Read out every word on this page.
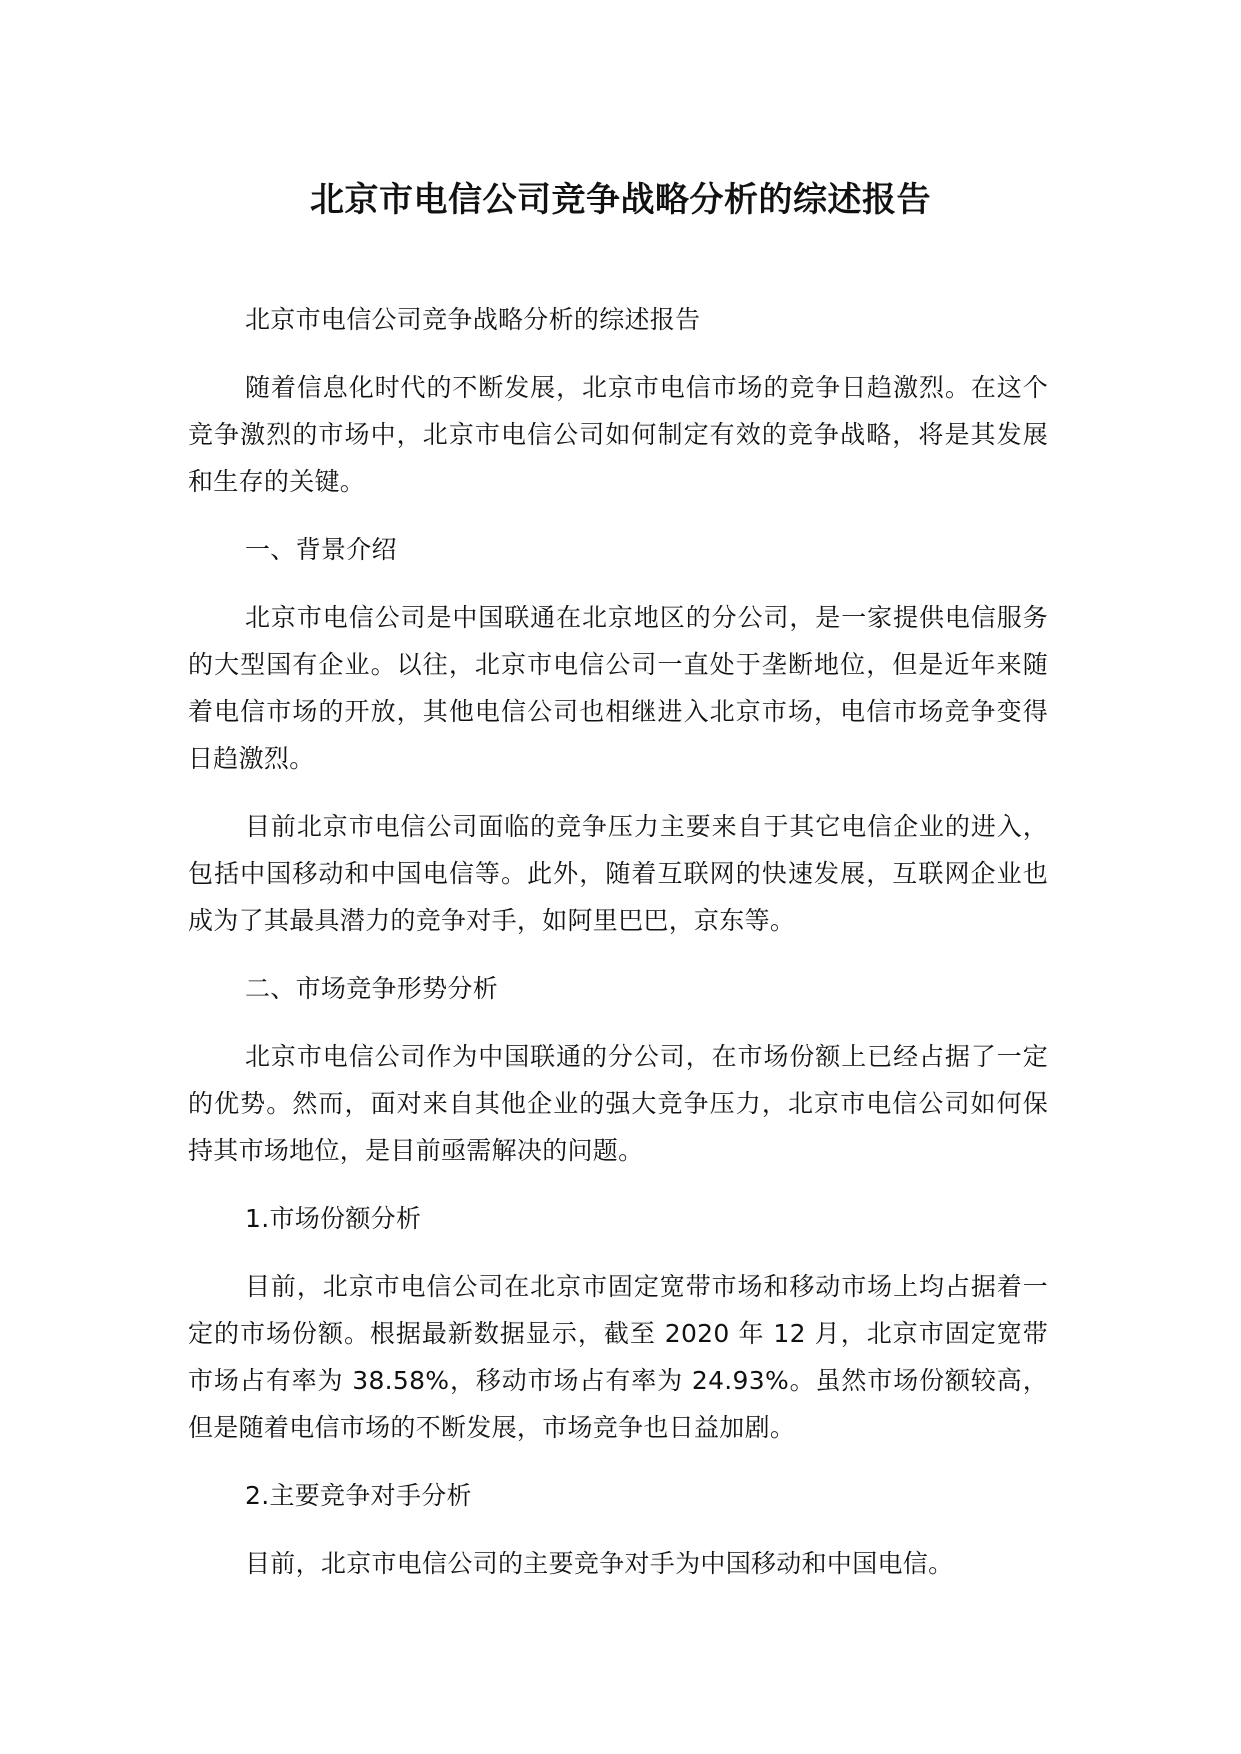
北京市电信公司竞争战略分析的综述报告

北京市电信公司竞争战略分析的综述报告

随着信息化时代的不断发展，北京市电信市场的竞争日趋激烈。在这个竞争激烈的市场中，北京市电信公司如何制定有效的竞争战略，将是其发展和生存的关键。

一、背景介绍

北京市电信公司是中国联通在北京地区的分公司，是一家提供电信服务的大型国有企业。以往，北京市电信公司一直处于垄断地位，但是近年来随着电信市场的开放，其他电信公司也相继进入北京市场，电信市场竞争变得日趋激烈。

目前北京市电信公司面临的竞争压力主要来自于其它电信企业的进入，包括中国移动和中国电信等。此外，随着互联网的快速发展，互联网企业也成为了其最具潜力的竞争对手，如阿里巴巴，京东等。

二、市场竞争形势分析

北京市电信公司作为中国联通的分公司，在市场份额上已经占据了一定的优势。然而，面对来自其他企业的强大竞争压力，北京市电信公司如何保持其市场地位，是目前亟需解决的问题。

1.市场份额分析

目前，北京市电信公司在北京市固定宽带市场和移动市场上均占据着一定的市场份额。根据最新数据显示，截至 2020 年 12 月，北京市固定宽带市场占有率为 38.58%，移动市场占有率为 24.93%。虽然市场份额较高，但是随着电信市场的不断发展，市场竞争也日益加剧。

2.主要竞争对手分析

目前，北京市电信公司的主要竞争对手为中国移动和中国电信。
